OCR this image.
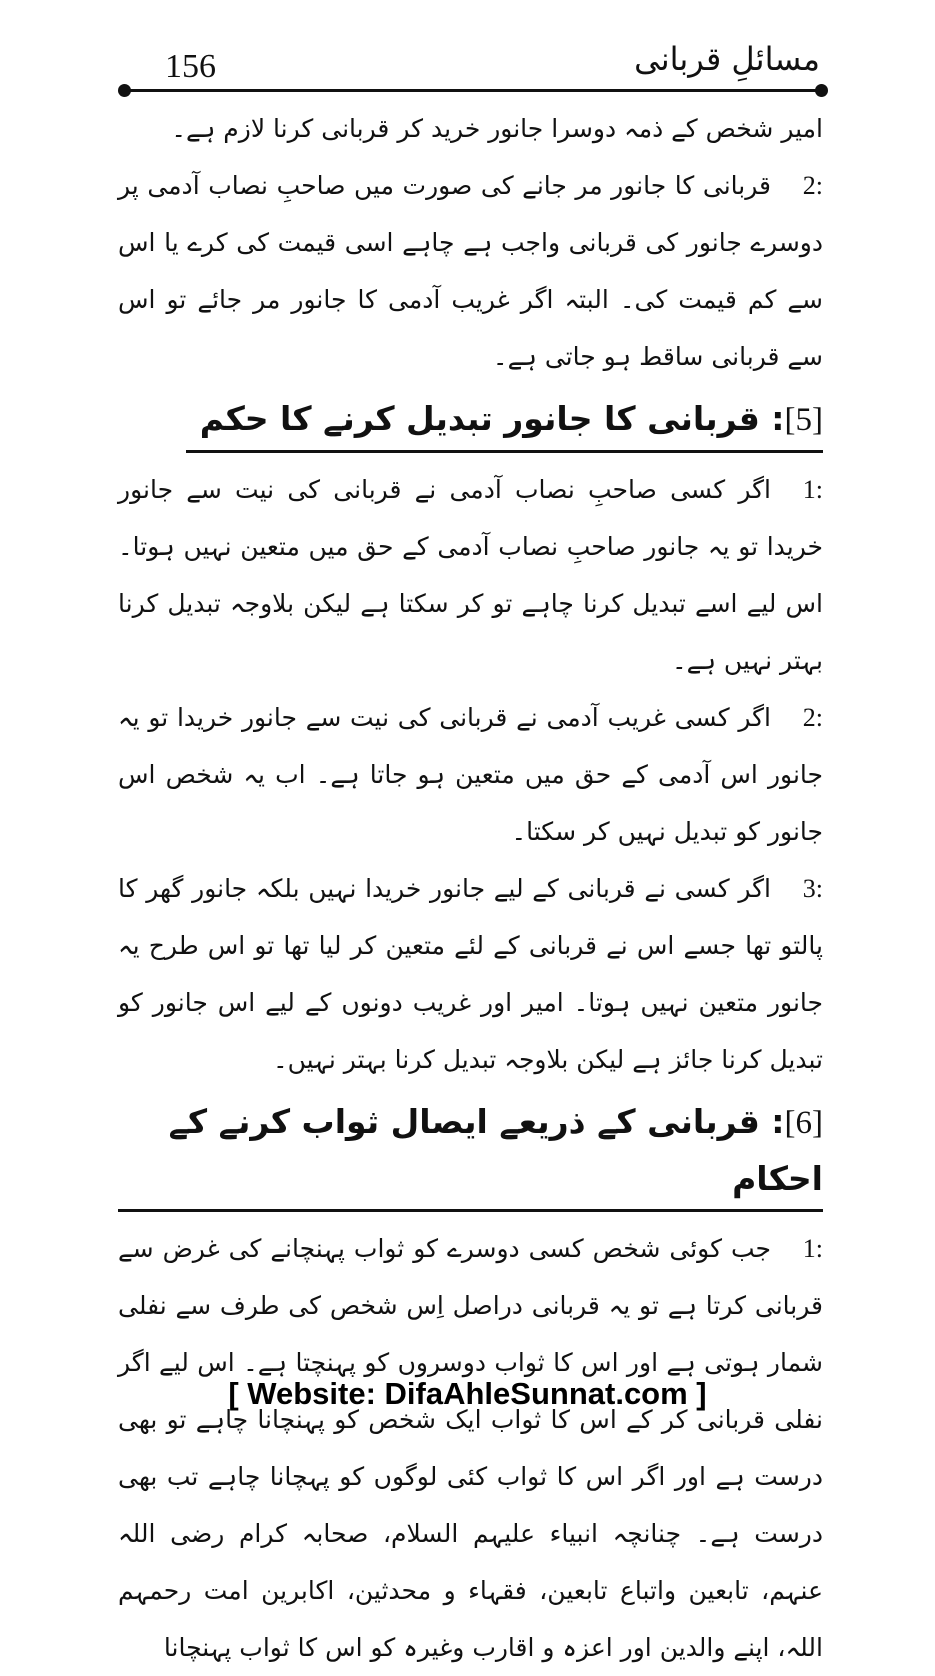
156	مسائلِ قربانی

امیر شخص کے ذمہ دوسرا جانور خرید کر قربانی کرنا لازم ہے۔

2:قربانی کا جانور مر جانے کی صورت میں صاحبِ نصاب آدمی پر دوسرے جانور کی قربانی واجب ہے چاہے اسی قیمت کی کرے یا اس سے کم قیمت کی۔ البتہ اگر غریب آدمی کا جانور مر جائے تو اس سے قربانی ساقط ہو جاتی ہے۔

[5]: قربانی کا جانور تبدیل کرنے کا حکم

1:اگر کسی صاحبِ نصاب آدمی نے قربانی کی نیت سے جانور خریدا تو یہ جانور صاحبِ نصاب آدمی کے حق میں متعین نہیں ہوتا۔ اس لیے اسے تبدیل کرنا چاہے تو کر سکتا ہے لیکن بلاوجہ تبدیل کرنا بہتر نہیں ہے۔

2:اگر کسی غریب آدمی نے قربانی کی نیت سے جانور خریدا تو یہ جانور اس آدمی کے حق میں متعین ہو جاتا ہے۔ اب یہ شخص اس جانور کو تبدیل نہیں کر سکتا۔

3:اگر کسی نے قربانی کے لیے جانور خریدا نہیں بلکہ جانور گھر کا پالتو تھا جسے اس نے قربانی کے لئے متعین کر لیا تھا تو اس طرح یہ جانور متعین نہیں ہوتا۔ امیر اور غریب دونوں کے لیے اس جانور کو تبدیل کرنا جائز ہے لیکن بلاوجہ تبدیل کرنا بہتر نہیں۔

[6]: قربانی کے ذریعے ایصال ثواب کرنے کے احکام

1:جب کوئی شخص کسی دوسرے کو ثواب پہنچانے کی غرض سے قربانی کرتا ہے تو یہ قربانی دراصل اِس شخص کی طرف سے نفلی شمار ہوتی ہے اور اس کا ثواب دوسروں کو پہنچتا ہے۔ اس لیے اگر نفلی قربانی کر کے اس کا ثواب ایک شخص کو پہنچانا چاہے تو بھی درست ہے اور اگر اس کا ثواب کئی لوگوں کو پہچانا چاہے تب بھی درست ہے۔ چنانچہ انبیاء علیہم السلام، صحابہ کرام رضی اللہ عنہم، تابعین واتباع تابعین، فقہاء و محدثین، اکابرین امت رحمہم اللہ، اپنے والدین اور اعزہ و اقارب وغیرہ کو اس کا ثواب پہنچانا

[ Website: DifaAhleSunnat.com ]
